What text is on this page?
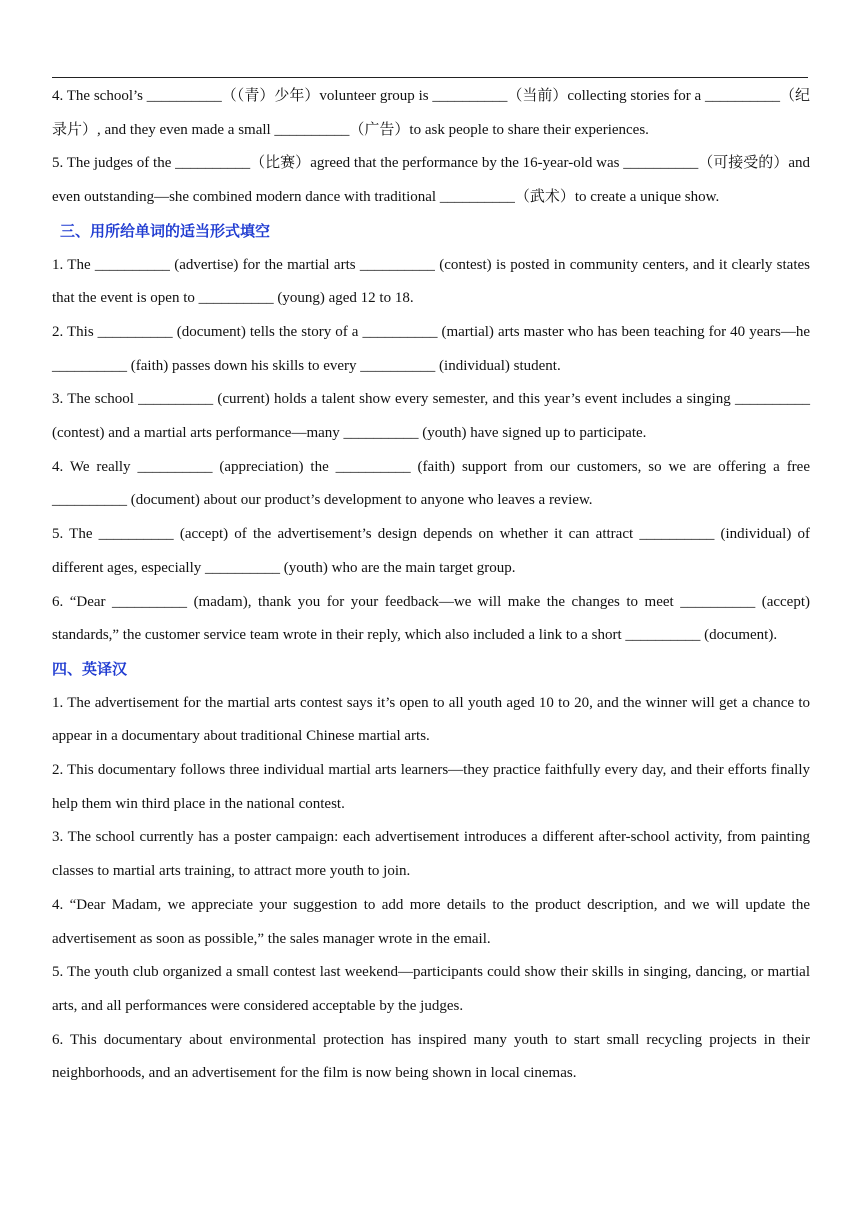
4. The school’s __________（（青）少年）volunteer group is __________（当前）collecting stories for a __________（纪录片）, and they even made a small __________（广告）to ask people to share their experiences.

5. The judges of the __________（比赛）agreed that the performance by the 16-year-old was __________（可接受的）and even outstanding—she combined modern dance with traditional __________（武术）to create a unique show.

三、用所给单词的适当形式填空

1. The __________ (advertise) for the martial arts __________ (contest) is posted in community centers, and it clearly states that the event is open to __________ (young) aged 12 to 18.

2. This __________ (document) tells the story of a __________ (martial) arts master who has been teaching for 40 years—he __________ (faith) passes down his skills to every __________ (individual) student.

3. The school __________ (current) holds a talent show every semester, and this year’s event includes a singing __________ (contest) and a martial arts performance—many __________ (youth) have signed up to participate.

4. We really __________ (appreciation) the __________ (faith) support from our customers, so we are offering a free __________ (document) about our product’s development to anyone who leaves a review.

5. The __________ (accept) of the advertisement’s design depends on whether it can attract __________ (individual) of different ages, especially __________ (youth) who are the main target group.

6. “Dear __________ (madam), thank you for your feedback—we will make the changes to meet __________ (accept) standards,” the customer service team wrote in their reply, which also included a link to a short __________ (document).

四、英译汉

1. The advertisement for the martial arts contest says it’s open to all youth aged 10 to 20, and the winner will get a chance to appear in a documentary about traditional Chinese martial arts.

2. This documentary follows three individual martial arts learners—they practice faithfully every day, and their efforts finally help them win third place in the national contest.

3. The school currently has a poster campaign: each advertisement introduces a different after-school activity, from painting classes to martial arts training, to attract more youth to join.

4. “Dear Madam, we appreciate your suggestion to add more details to the product description, and we will update the advertisement as soon as possible,” the sales manager wrote in the email.

5. The youth club organized a small contest last weekend—participants could show their skills in singing, dancing, or martial arts, and all performances were considered acceptable by the judges.

6. This documentary about environmental protection has inspired many youth to start small recycling projects in their neighborhoods, and an advertisement for the film is now being shown in local cinemas.
